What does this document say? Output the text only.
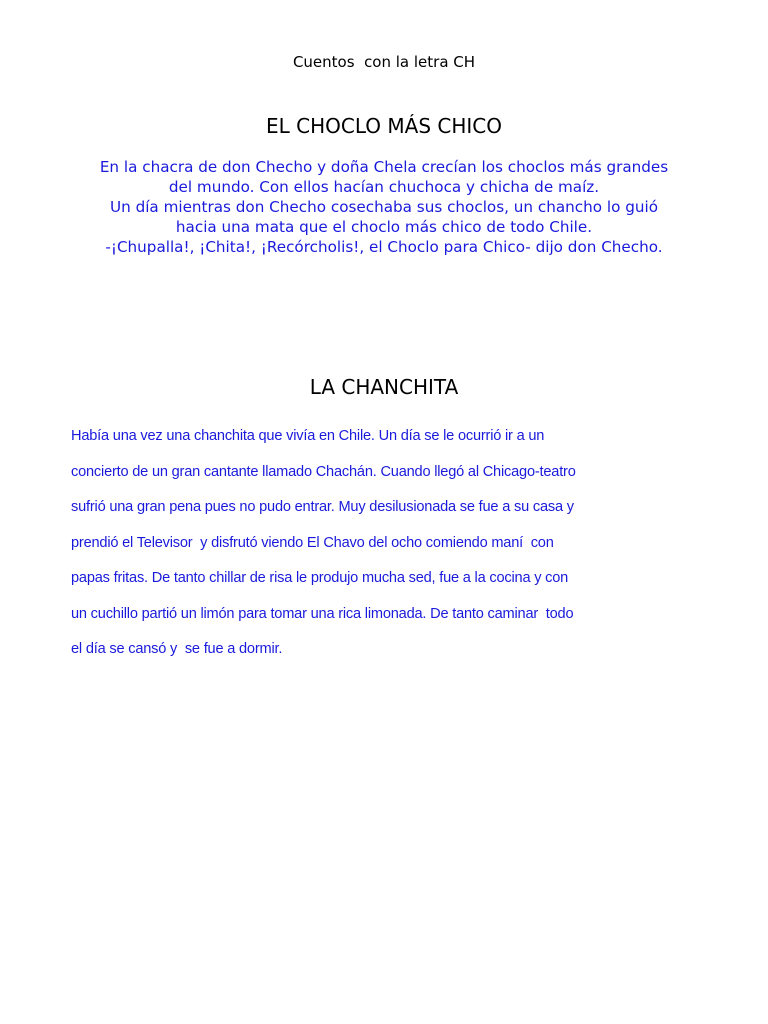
Cuentos  con la letra CH
EL CHOCLO MÁS CHICO
En la chacra de don Checho y doña Chela crecían los choclos más grandes
del mundo. Con ellos hacían chuchoca y chicha de maíz.
Un día mientras don Checho cosechaba sus choclos, un chancho lo guió
hacia una mata que el choclo más chico de todo Chile.
-¡Chupalla!, ¡Chita!, ¡Recórcholis!, el Choclo para Chico- dijo don Checho.
LA CHANCHITA
Había una vez una chanchita que vivía en Chile. Un día se le ocurrió ir a un
concierto de un gran cantante llamado Chachán. Cuando llegó al Chicago-teatro
sufrió una gran pena pues no pudo entrar. Muy desilusionada se fue a su casa y
prendió el Televisor  y disfrutó viendo El Chavo del ocho comiendo maní  con
papas fritas. De tanto chillar de risa le produjo mucha sed, fue a la cocina y con
un cuchillo partió un limón para tomar una rica limonada. De tanto caminar  todo
el día se cansó y  se fue a dormir.
